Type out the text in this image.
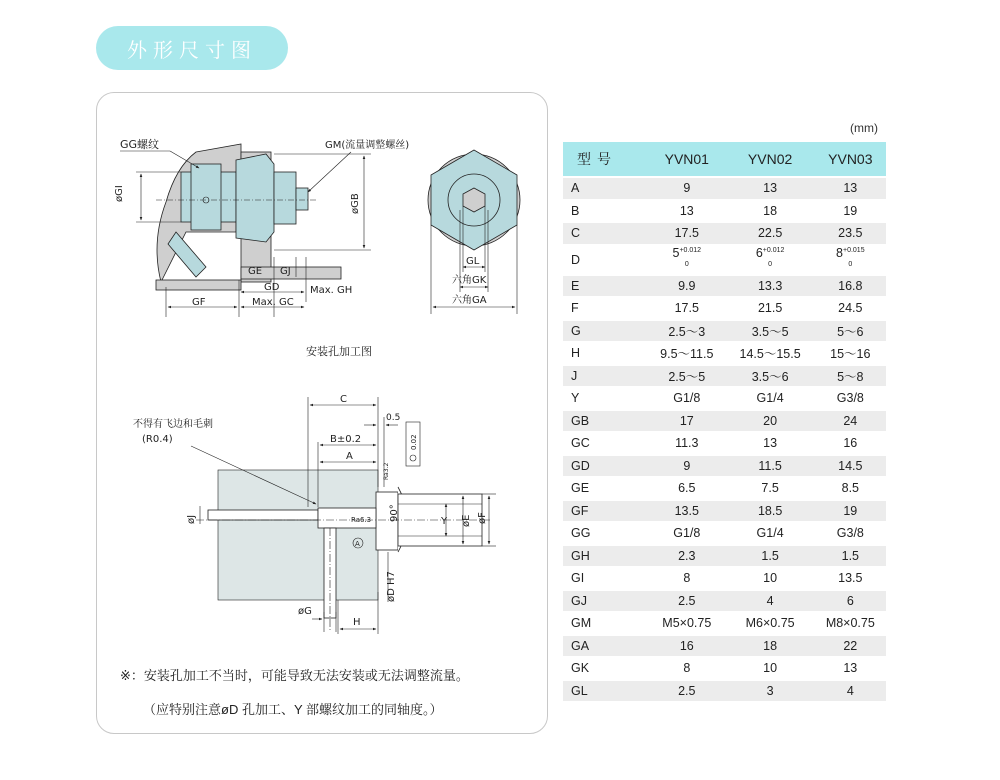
外形尺寸图
øGI	øGB
GG螺纹	GM(流量调整螺丝)
GE GJ
GD	Max. GH
GF	Max. GC
GL
六角GK
六角GA
安装孔加工图
C
0.5
B±0.2
A
不得有飞边和毛刺
(R0.4)
øJ
øG
H
Y øE øF
90°
øD H7
Ra6.3
Ra3.2
A
0.02
※：安装孔加工不当时，可能导致无法安装或无法调整流量。
（应特别注意øD 孔加工、Y 部螺纹加工的同轴度。）
(mm)
型号	YVN01	YVN02	YVN03
A	9	13	13
B	13	18	19
C	17.5	22.5	23.5
D	$5^{+0.012 0}$	$6^{+0.012 0}$	$8^{+0.015 0}$
E	9.9	13.3	16.8
F	17.5	21.5	24.5
G	2.5～3	3.5～5	5～6
H	9.5～11.5	14.5～15.5	15～16
J	2.5～5	3.5～6	5～8
Y	G1/8	G1/4	G3/8
GB	17	20	24
GC	11.3	13	16
GD	9	11.5	14.5
GE	6.5	7.5	8.5
GF	13.5	18.5	19
GG	G1/8	G1/4	G3/8
GH	2.3	1.5	1.5
GI	8	10	13.5
GJ	2.5	4	6
GM	M5×0.75	M6×0.75	M8×0.75
GA	16	18	22
GK	8	10	13
GL	2.5	3	4
